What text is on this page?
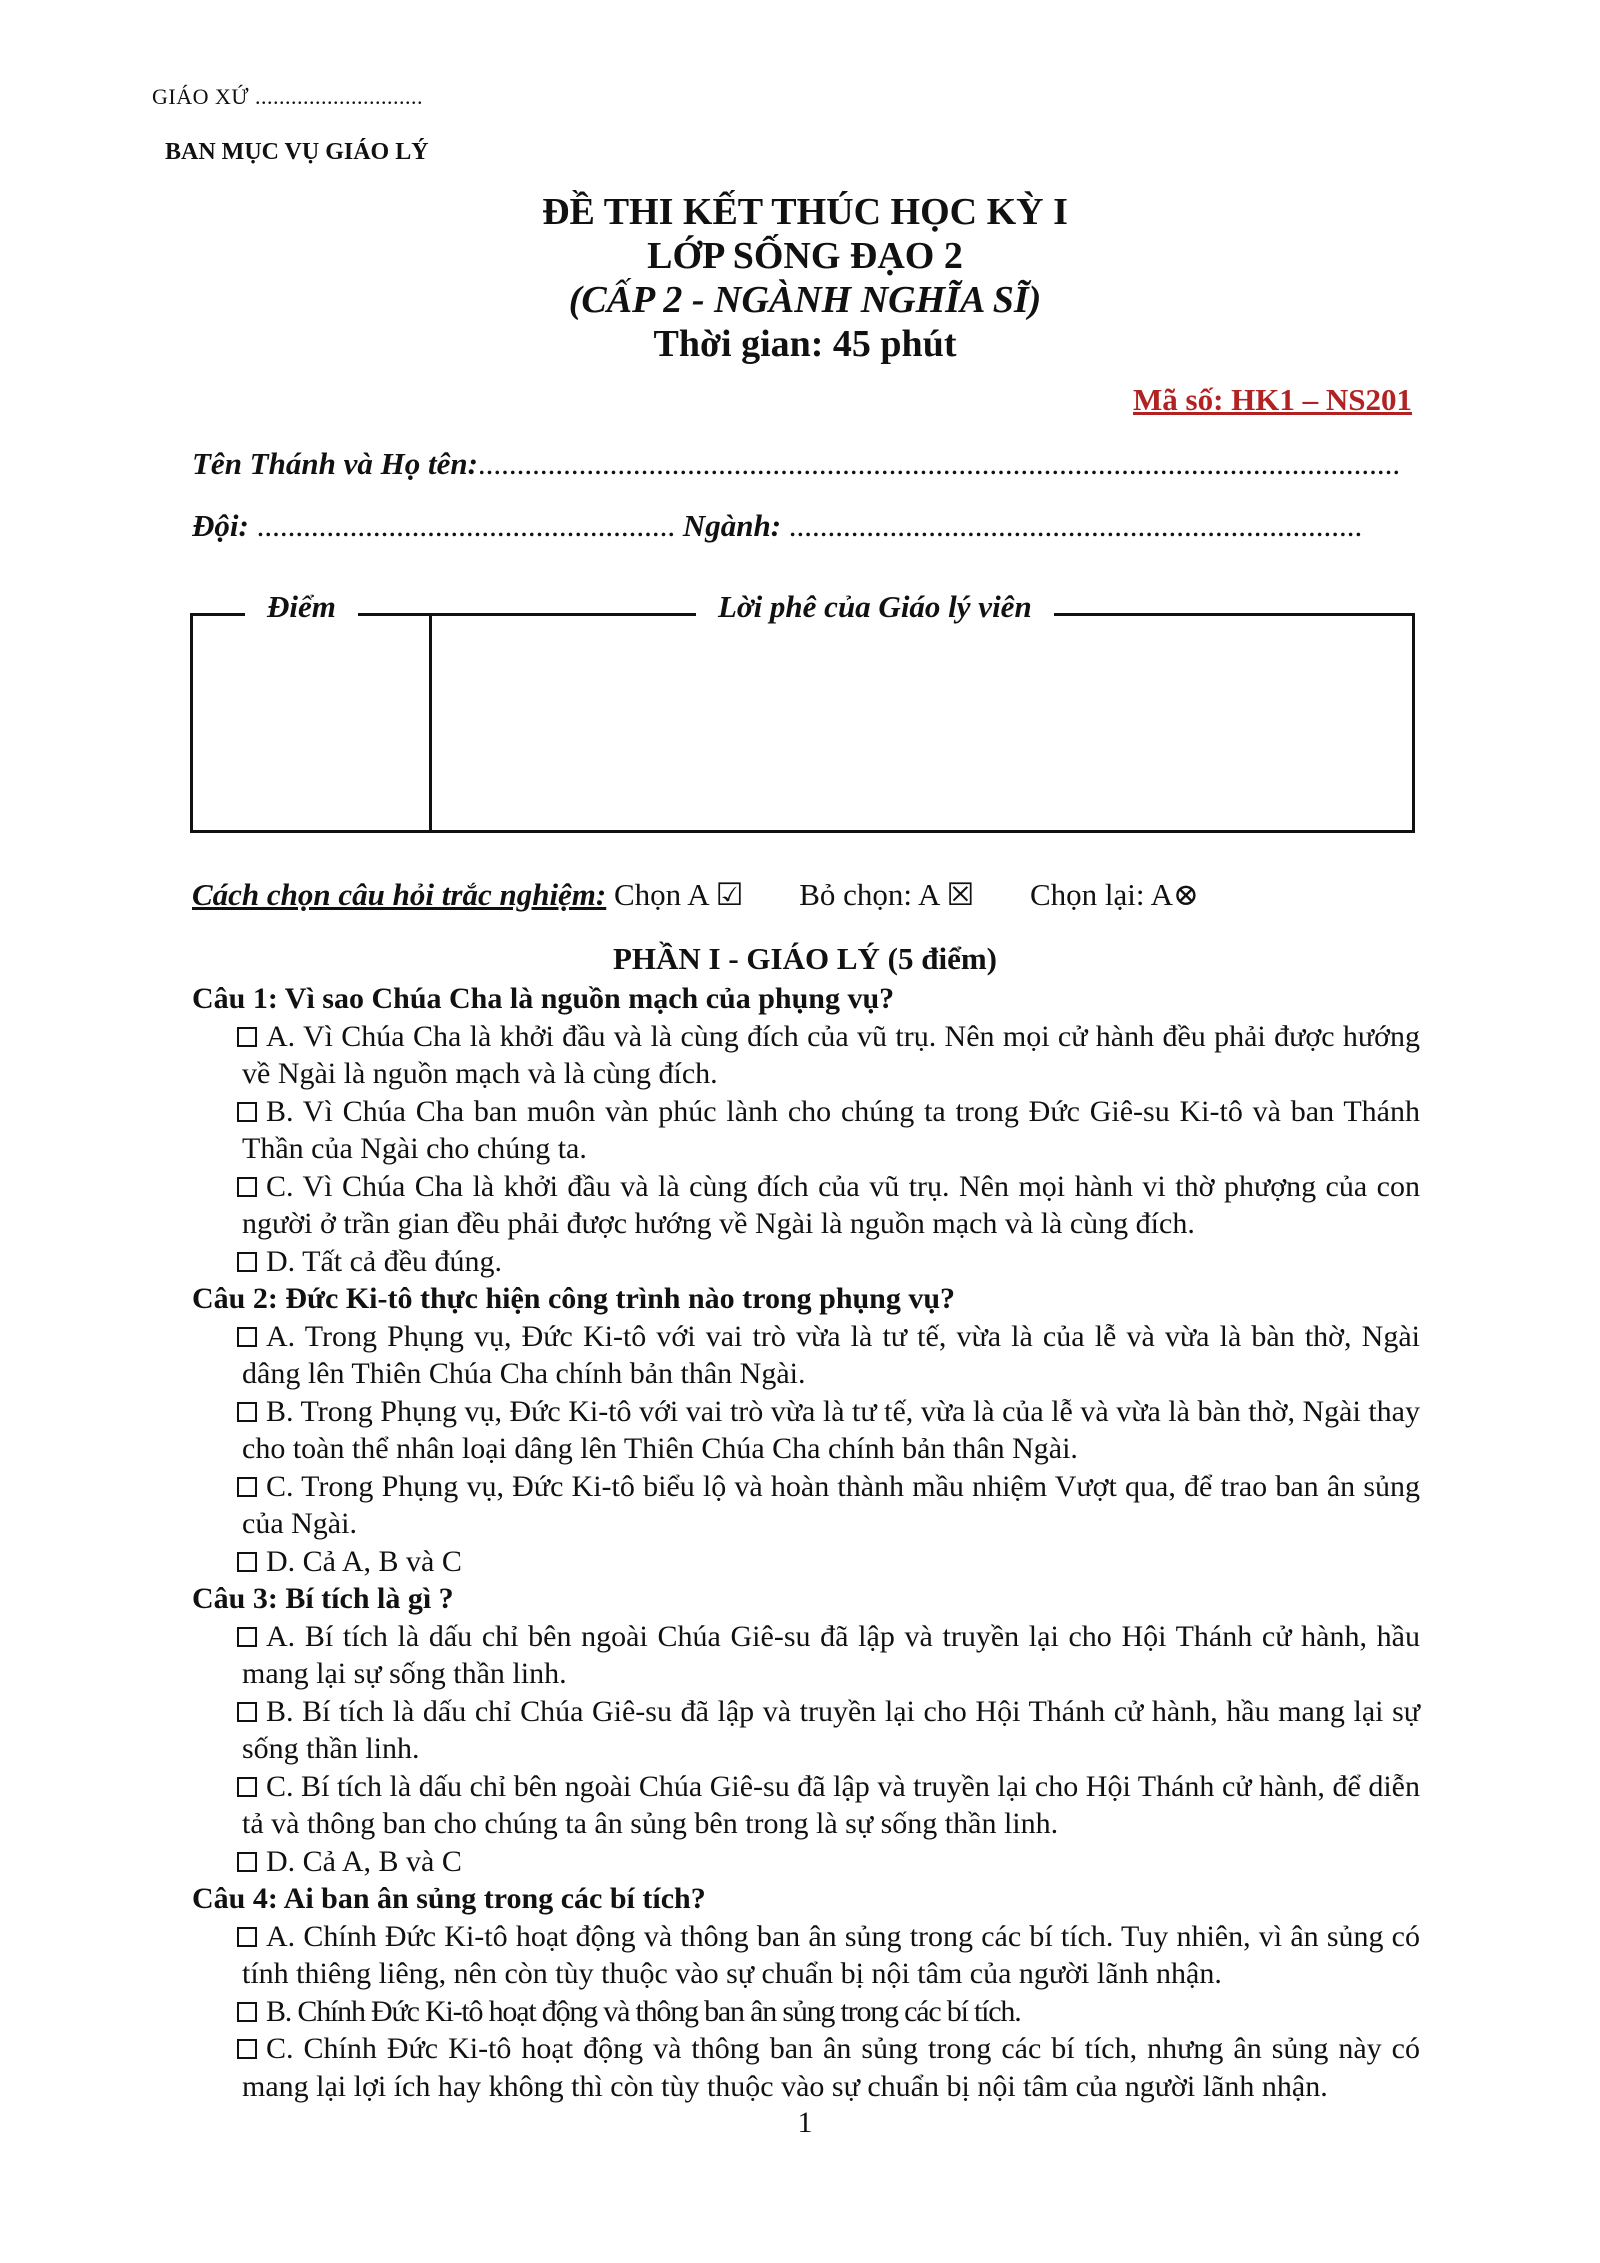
GIÁO XỨ ............................
BAN MỤC VỤ GIÁO LÝ
ĐỀ THI KẾT THÚC HỌC KỲ I
LỚP SỐNG ĐẠO 2
(CẤP 2 - NGÀNH NGHĨA SĨ)
Thời gian: 45 phút
Mã số: HK1 – NS201
Tên Thánh và Họ tên:.......................................................................................................................
Đội: ...................................................... Ngành: ..........................................................................
Điểm	Lời phê của Giáo lý viên
Cách chọn câu hỏi trắc nghiệm: Chọn A ☑ Bỏ chọn: A ☒ Chọn lại: A⊗
PHẦN I - GIÁO LÝ (5 điểm)
Câu 1: Vì sao Chúa Cha là nguồn mạch của phụng vụ?
A. Vì Chúa Cha là khởi đầu và là cùng đích của vũ trụ. Nên mọi cử hành đều phải được hướng về Ngài là nguồn mạch và là cùng đích.
B. Vì Chúa Cha ban muôn vàn phúc lành cho chúng ta trong Đức Giê-su Ki-tô và ban Thánh Thần của Ngài cho chúng ta.
C. Vì Chúa Cha là khởi đầu và là cùng đích của vũ trụ. Nên mọi hành vi thờ phượng của con người ở trần gian đều phải được hướng về Ngài là nguồn mạch và là cùng đích.
D. Tất cả đều đúng.
Câu 2: Đức Ki-tô thực hiện công trình nào trong phụng vụ?
A. Trong Phụng vụ, Đức Ki-tô với vai trò vừa là tư tế, vừa là của lễ và vừa là bàn thờ, Ngài dâng lên Thiên Chúa Cha chính bản thân Ngài.
B. Trong Phụng vụ, Đức Ki-tô với vai trò vừa là tư tế, vừa là của lễ và vừa là bàn thờ, Ngài thay cho toàn thể nhân loại dâng lên Thiên Chúa Cha chính bản thân Ngài.
C. Trong Phụng vụ, Đức Ki-tô biểu lộ và hoàn thành mầu nhiệm Vượt qua, để trao ban ân sủng của Ngài.
D. Cả A, B và C
Câu 3: Bí tích là gì ?
A. Bí tích là dấu chỉ bên ngoài Chúa Giê-su đã lập và truyền lại cho Hội Thánh cử hành, hầu mang lại sự sống thần linh.
B. Bí tích là dấu chỉ Chúa Giê-su đã lập và truyền lại cho Hội Thánh cử hành, hầu mang lại sự sống thần linh.
C. Bí tích là dấu chỉ bên ngoài Chúa Giê-su đã lập và truyền lại cho Hội Thánh cử hành, để diễn tả và thông ban cho chúng ta ân sủng bên trong là sự sống thần linh.
D. Cả A, B và C
Câu 4: Ai ban ân sủng trong các bí tích?
A. Chính Đức Ki-tô hoạt động và thông ban ân sủng trong các bí tích. Tuy nhiên, vì ân sủng có tính thiêng liêng, nên còn tùy thuộc vào sự chuẩn bị nội tâm của người lãnh nhận.
B. Chính Đức Ki-tô hoạt động và thông ban ân sủng trong các bí tích.
C. Chính Đức Ki-tô hoạt động và thông ban ân sủng trong các bí tích, nhưng ân sủng này có mang lại lợi ích hay không thì còn tùy thuộc vào sự chuẩn bị nội tâm của người lãnh nhận.
1
